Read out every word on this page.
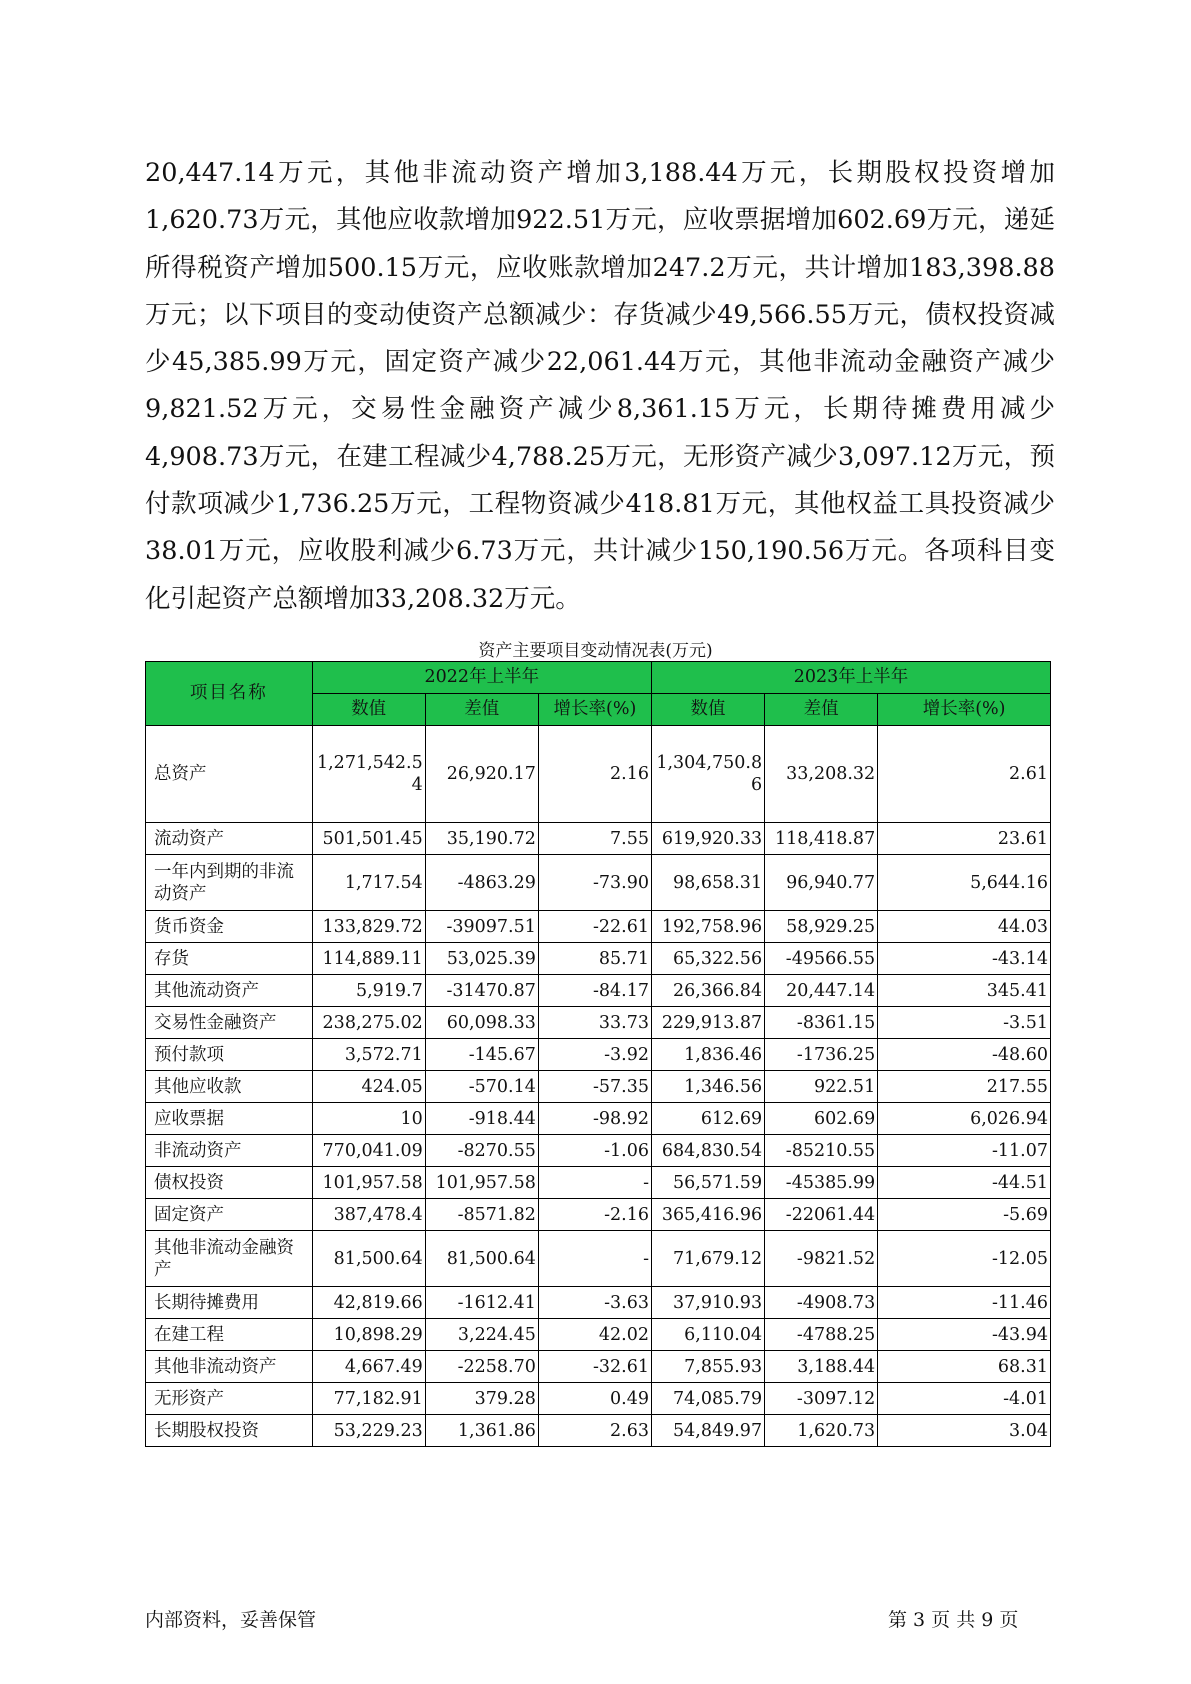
20,447.14万元，其他非流动资产增加3,188.44万元，长期股权投资增加1,620.73万元，其他应收款增加922.51万元，应收票据增加602.69万元，递延所得税资产增加500.15万元，应收账款增加247.2万元，共计增加183,398.88万元；以下项目的变动使资产总额减少：存货减少49,566.55万元，债权投资减少45,385.99万元，固定资产减少22,061.44万元，其他非流动金融资产减少9,821.52万元，交易性金融资产减少8,361.15万元，长期待摊费用减少4,908.73万元，在建工程减少4,788.25万元，无形资产减少3,097.12万元，预付款项减少1,736.25万元，工程物资减少418.81万元，其他权益工具投资减少38.01万元，应收股利减少6.73万元，共计减少150,190.56万元。各项科目变化引起资产总额增加33,208.32万元。

资产主要项目变动情况表(万元)
项目名称	2022年上半年			2023年上半年		
	数值	差值	增长率(%)	数值	差值	增长率(%)
总资产	1,271,542.54	26,920.17	2.16	1,304,750.86	33,208.32	2.61
流动资产	501,501.45	35,190.72	7.55	619,920.33	118,418.87	23.61
一年内到期的非流动资产	1,717.54	-4863.29	-73.90	98,658.31	96,940.77	5,644.16
货币资金	133,829.72	-39097.51	-22.61	192,758.96	58,929.25	44.03
存货	114,889.11	53,025.39	85.71	65,322.56	-49566.55	-43.14
其他流动资产	5,919.7	-31470.87	-84.17	26,366.84	20,447.14	345.41
交易性金融资产	238,275.02	60,098.33	33.73	229,913.87	-8361.15	-3.51
预付款项	3,572.71	-145.67	-3.92	1,836.46	-1736.25	-48.60
其他应收款	424.05	-570.14	-57.35	1,346.56	922.51	217.55
应收票据	10	-918.44	-98.92	612.69	602.69	6,026.94
非流动资产	770,041.09	-8270.55	-1.06	684,830.54	-85210.55	-11.07
债权投资	101,957.58	101,957.58	-	56,571.59	-45385.99	-44.51
固定资产	387,478.4	-8571.82	-2.16	365,416.96	-22061.44	-5.69
其他非流动金融资产	81,500.64	81,500.64	-	71,679.12	-9821.52	-12.05
长期待摊费用	42,819.66	-1612.41	-3.63	37,910.93	-4908.73	-11.46
在建工程	10,898.29	3,224.45	42.02	6,110.04	-4788.25	-43.94
其他非流动资产	4,667.49	-2258.70	-32.61	7,855.93	3,188.44	68.31
无形资产	77,182.91	379.28	0.49	74,085.79	-3097.12	-4.01
长期股权投资	53,229.23	1,361.86	2.63	54,849.97	1,620.73	3.04
内部资料，妥善保管	第 3 页 共 9 页
